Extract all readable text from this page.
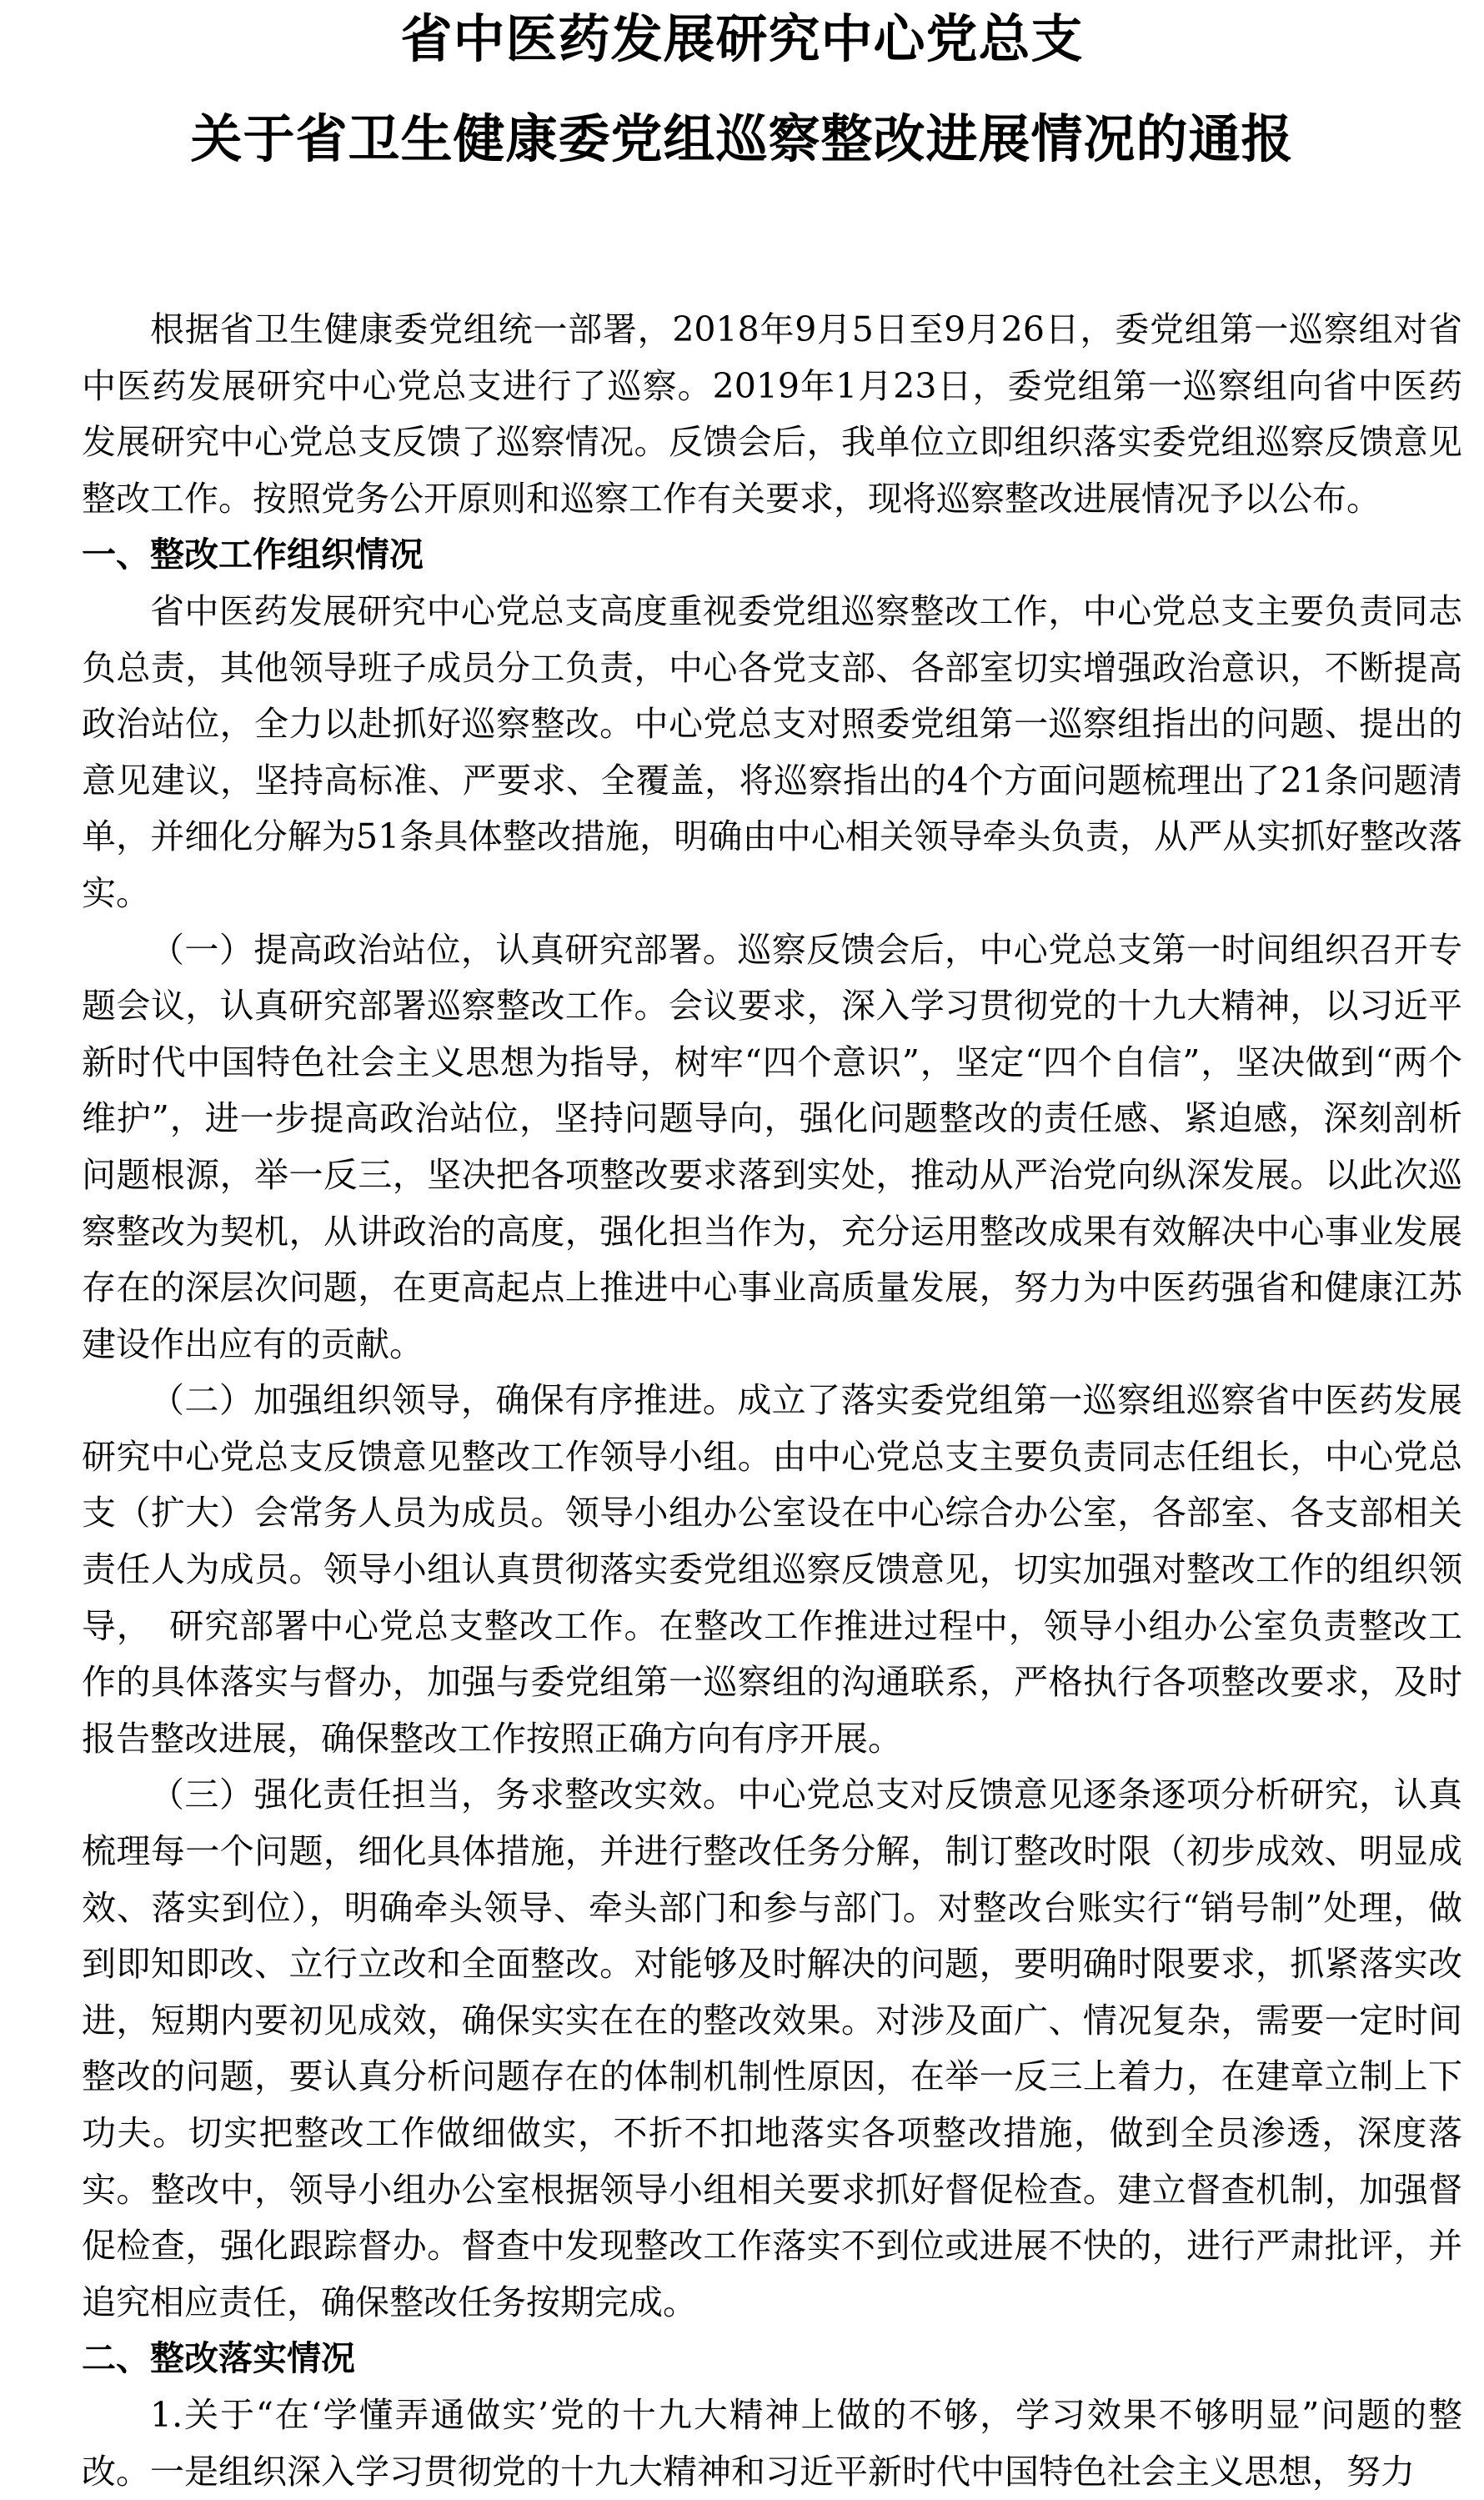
省中医药发展研究中心党总支
关于省卫生健康委党组巡察整改进展情况的通报

根据省卫生健康委党组统一部署，2018年9月5日至9月26日，委党组第一巡察组对省中医药发展研究中心党总支进行了巡察。2019年1月23日，委党组第一巡察组向省中医药发展研究中心党总支反馈了巡察情况。反馈会后，我单位立即组织落实委党组巡察反馈意见整改工作。按照党务公开原则和巡察工作有关要求，现将巡察整改进展情况予以公布。

一、整改工作组织情况

省中医药发展研究中心党总支高度重视委党组巡察整改工作，中心党总支主要负责同志负总责，其他领导班子成员分工负责，中心各党支部、各部室切实增强政治意识，不断提高政治站位，全力以赴抓好巡察整改。中心党总支对照委党组第一巡察组指出的问题、提出的意见建议，坚持高标准、严要求、全覆盖，将巡察指出的4个方面问题梳理出了21条问题清单，并细化分解为51条具体整改措施，明确由中心相关领导牵头负责，从严从实抓好整改落实。

（一）提高政治站位，认真研究部署。巡察反馈会后，中心党总支第一时间组织召开专题会议，认真研究部署巡察整改工作。会议要求，深入学习贯彻党的十九大精神，以习近平新时代中国特色社会主义思想为指导，树牢“四个意识”，坚定“四个自信”，坚决做到“两个维护”，进一步提高政治站位，坚持问题导向，强化问题整改的责任感、紧迫感，深刻剖析问题根源，举一反三，坚决把各项整改要求落到实处，推动从严治党向纵深发展。以此次巡察整改为契机，从讲政治的高度，强化担当作为，充分运用整改成果有效解决中心事业发展存在的深层次问题，在更高起点上推进中心事业高质量发展，努力为中医药强省和健康江苏建设作出应有的贡献。

（二）加强组织领导，确保有序推进。成立了落实委党组第一巡察组巡察省中医药发展研究中心党总支反馈意见整改工作领导小组。由中心党总支主要负责同志任组长，中心党总支（扩大）会常务人员为成员。领导小组办公室设在中心综合办公室，各部室、各支部相关责任人为成员。领导小组认真贯彻落实委党组巡察反馈意见，切实加强对整改工作的组织领导，　研究部署中心党总支整改工作。在整改工作推进过程中，领导小组办公室负责整改工作的具体落实与督办，加强与委党组第一巡察组的沟通联系，严格执行各项整改要求，及时报告整改进展，确保整改工作按照正确方向有序开展。

（三）强化责任担当，务求整改实效。中心党总支对反馈意见逐条逐项分析研究，认真梳理每一个问题，细化具体措施，并进行整改任务分解，制订整改时限（初步成效、明显成效、落实到位），明确牵头领导、牵头部门和参与部门。对整改台账实行“销号制”处理，做到即知即改、立行立改和全面整改。对能够及时解决的问题，要明确时限要求，抓紧落实改进，短期内要初见成效，确保实实在在的整改效果。对涉及面广、情况复杂，需要一定时间整改的问题，要认真分析问题存在的体制机制性原因，在举一反三上着力，在建章立制上下功夫。切实把整改工作做细做实，不折不扣地落实各项整改措施，做到全员渗透，深度落实。整改中，领导小组办公室根据领导小组相关要求抓好督促检查。建立督查机制，加强督促检查，强化跟踪督办。督查中发现整改工作落实不到位或进展不快的，进行严肃批评，并追究相应责任，确保整改任务按期完成。

二、整改落实情况

1.关于“在‘学懂弄通做实’党的十九大精神上做的不够，学习效果不够明显”问题的整改。一是组织深入学习贯彻党的十九大精神和习近平新时代中国特色社会主义思想，努力
